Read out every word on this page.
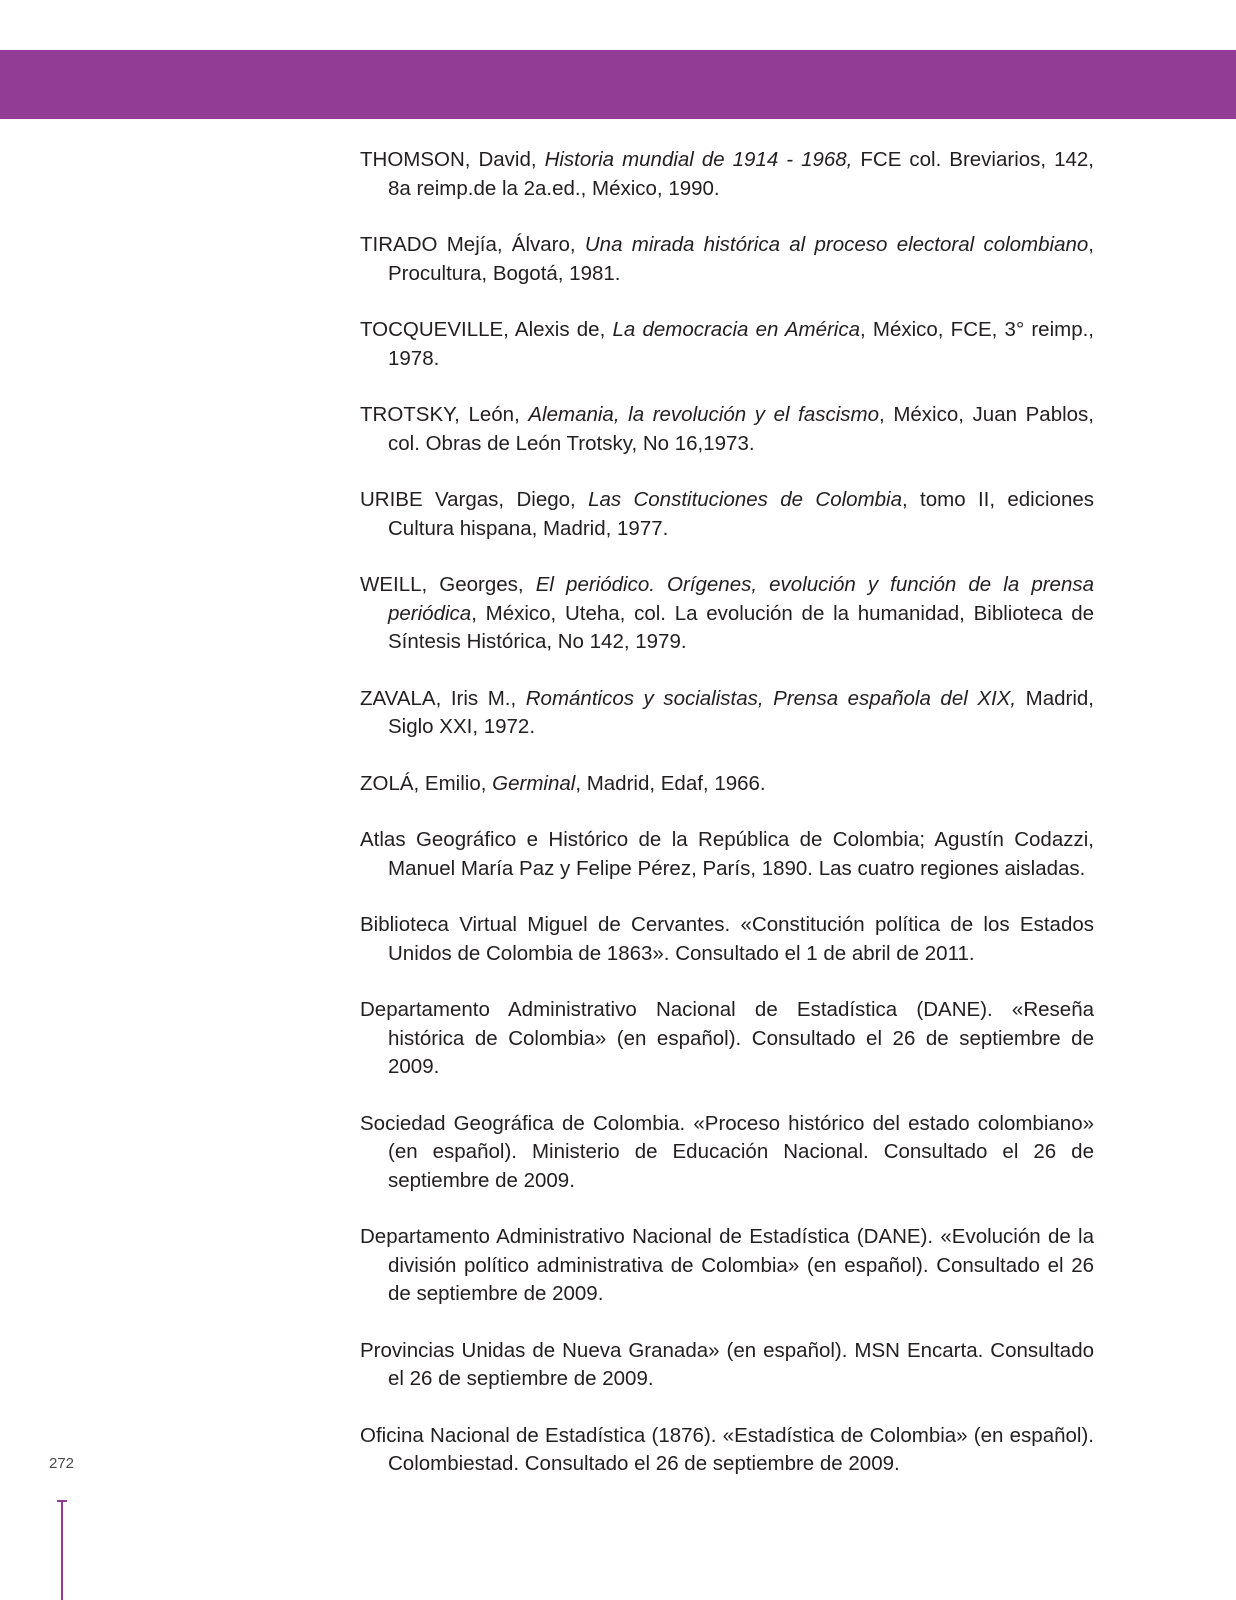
THOMSON, David, Historia mundial de 1914 - 1968, FCE col. Breviarios, 142, 8a reimp.de la 2a.ed., México, 1990.

TIRADO Mejía, Álvaro, Una mirada histórica al proceso electoral colombiano, Procultura, Bogotá, 1981.

TOCQUEVILLE, Alexis de, La democracia en América, México, FCE, 3° reimp., 1978.

TROTSKY, León, Alemania, la revolución y el fascismo, México, Juan Pablos, col. Obras de León Trotsky, No 16,1973.

URIBE Vargas, Diego, Las Constituciones de Colombia, tomo II, ediciones Cultura hispana, Madrid, 1977.

WEILL, Georges, El periódico. Orígenes, evolución y función de la prensa periódica, México, Uteha, col. La evolución de la humanidad, Biblioteca de Síntesis Histórica, No 142, 1979.

ZAVALA, Iris M., Románticos y socialistas, Prensa española del XIX, Madrid, Siglo XXI, 1972.

ZOLÁ, Emilio, Germinal, Madrid, Edaf, 1966.

Atlas Geográfico e Histórico de la República de Colombia; Agustín Codazzi, Manuel María Paz y Felipe Pérez, París, 1890. Las cuatro regiones aisladas.

Biblioteca Virtual Miguel de Cervantes. «Constitución política de los Estados Unidos de Colombia de 1863». Consultado el 1 de abril de 2011.

Departamento Administrativo Nacional de Estadística (DANE). «Reseña histórica de Colombia» (en español). Consultado el 26 de septiembre de 2009.

Sociedad Geográfica de Colombia. «Proceso histórico del estado colombiano» (en español). Ministerio de Educación Nacional. Consultado el 26 de septiembre de 2009.

Departamento Administrativo Nacional de Estadística (DANE). «Evolución de la división político administrativa de Colombia» (en español). Consultado el 26 de septiembre de 2009.

Provincias Unidas de Nueva Granada» (en español). MSN Encarta. Consultado el 26 de septiembre de 2009.

Oficina Nacional de Estadística (1876). «Estadística de Colombia» (en español). Colombiestad. Consultado el 26 de septiembre de 2009.

272
